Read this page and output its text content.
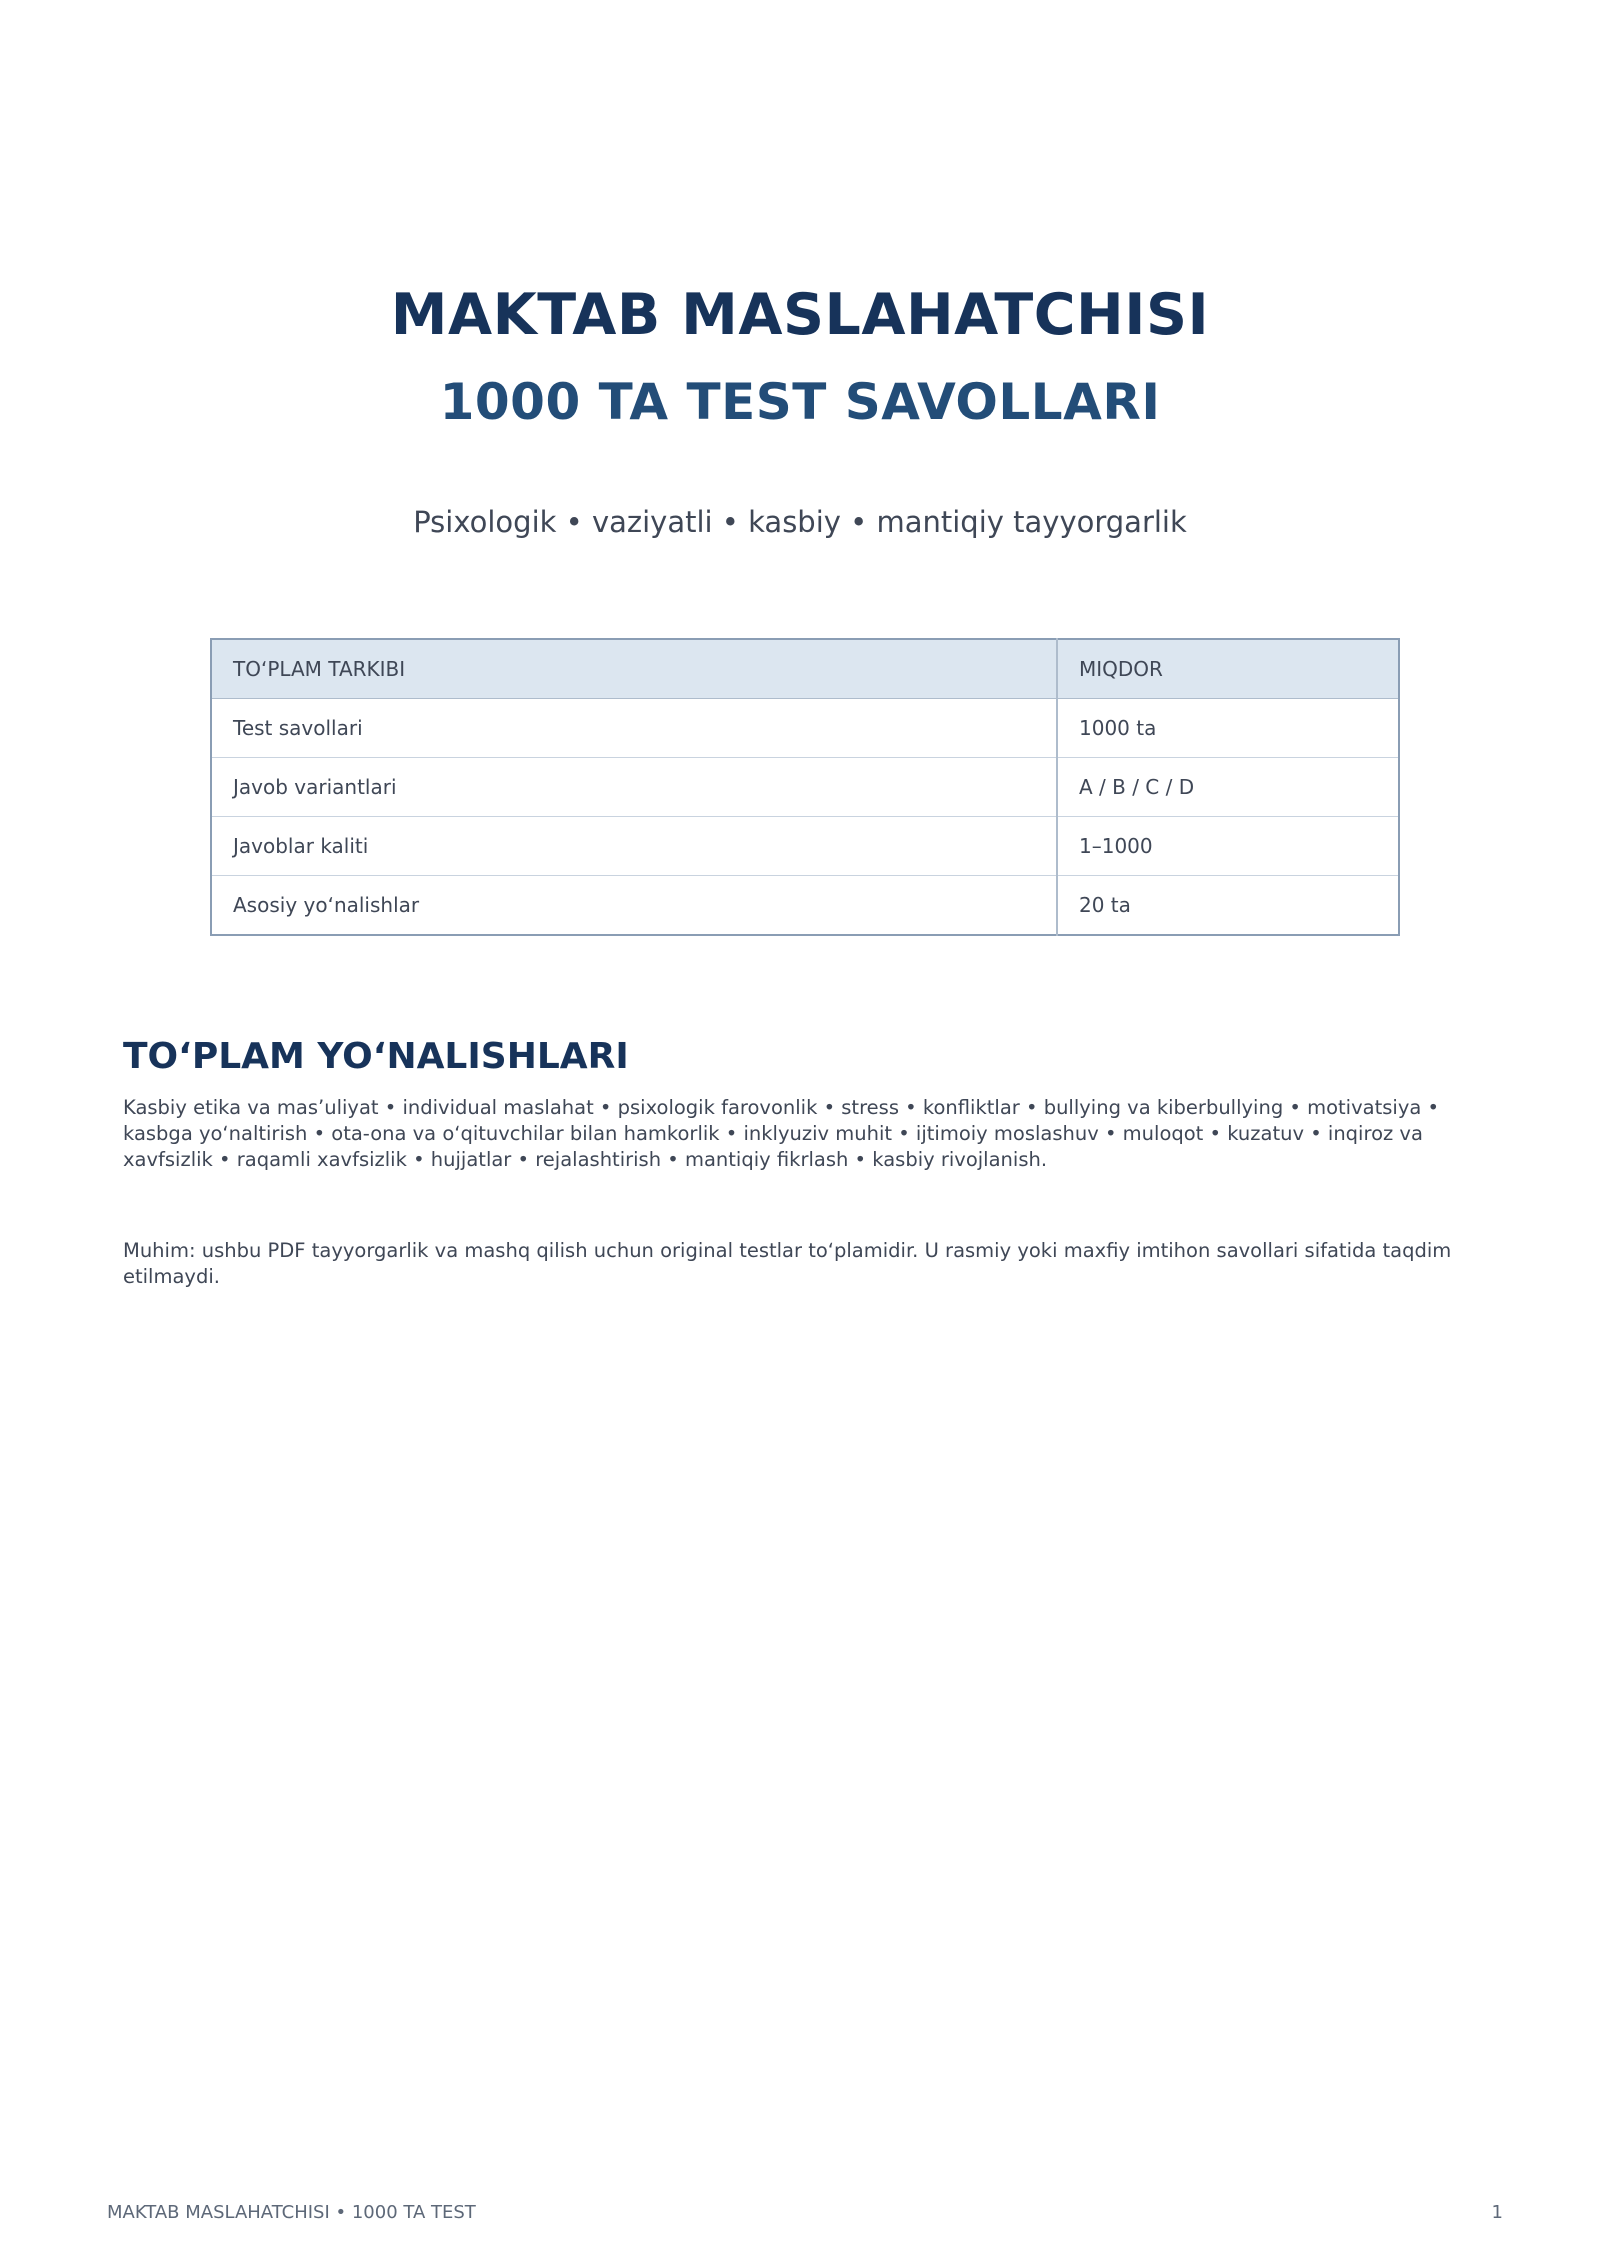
MAKTAB MASLAHATCHISI
1000 TA TEST SAVOLLARI

Psixologik • vaziyatli • kasbiy • mantiqiy tayyorgarlik

TOʻPLAM TARKIBI	MIQDOR
Test savollari	1000 ta
Javob variantlari	A / B / C / D
Javoblar kaliti	1–1000
Asosiy yoʻnalishlar	20 ta
TOʻPLAM YOʻNALISHLARI

Kasbiy etika va masʼuliyat • individual maslahat • psixologik farovonlik • stress • konfliktlar • bullying va kiberbullying • motivatsiya • kasbga yoʻnaltirish • ota-ona va oʻqituvchilar bilan hamkorlik • inklyuziv muhit • ijtimoiy moslashuv • muloqot • kuzatuv • inqiroz va xavfsizlik • raqamli xavfsizlik • hujjatlar • rejalashtirish • mantiqiy fikrlash • kasbiy rivojlanish.

Muhim: ushbu PDF tayyorgarlik va mashq qilish uchun original testlar toʻplamidir. U rasmiy yoki maxfiy imtihon savollari sifatida taqdim etilmaydi.

MAKTAB MASLAHATCHISI • 1000 TA TEST	1
